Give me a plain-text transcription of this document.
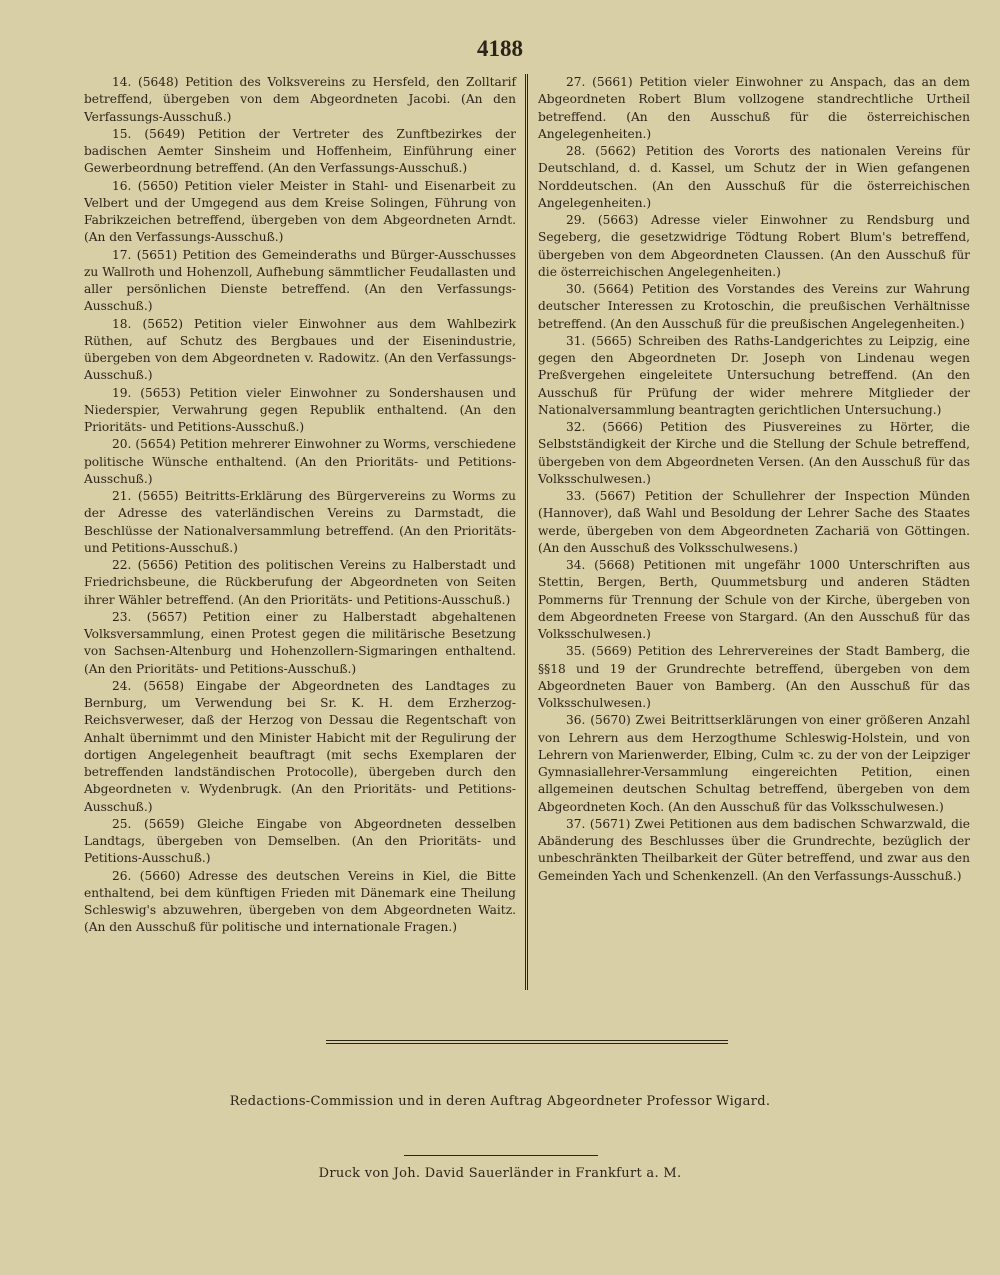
4188

14. (5648) Petition des Volksvereins zu Hersfeld, den Zolltarif betreffend, übergeben von dem Abgeordneten Jacobi. (An den Verfassungs-Ausschuß.)

15. (5649) Petition der Vertreter des Zunftbezirkes der badischen Aemter Sinsheim und Hoffenheim, Einführung einer Gewerbeordnung betreffend. (An den Verfassungs-Ausschuß.)

16. (5650) Petition vieler Meister in Stahl- und Eisenarbeit zu Velbert und der Umgegend aus dem Kreise Solingen, Führung von Fabrikzeichen betreffend, übergeben von dem Abgeordneten Arndt. (An den Verfassungs-Ausschuß.)

17. (5651) Petition des Gemeinderaths und Bürger-Ausschusses zu Wallroth und Hohenzoll, Aufhebung sämmtlicher Feudallasten und aller persönlichen Dienste betreffend. (An den Verfassungs-Ausschuß.)

18. (5652) Petition vieler Einwohner aus dem Wahlbezirk Rüthen, auf Schutz des Bergbaues und der Eisenindustrie, übergeben von dem Abgeordneten v. Radowitz. (An den Verfassungs-Ausschuß.)

19. (5653) Petition vieler Einwohner zu Sondershausen und Niederspier, Verwahrung gegen Republik enthaltend. (An den Prioritäts- und Petitions-Ausschuß.)

20. (5654) Petition mehrerer Einwohner zu Worms, verschiedene politische Wünsche enthaltend. (An den Prioritäts- und Petitions-Ausschuß.)

21. (5655) Beitritts-Erklärung des Bürgervereins zu Worms zu der Adresse des vaterländischen Vereins zu Darmstadt, die Beschlüsse der Nationalversammlung betreffend. (An den Prioritäts- und Petitions-Ausschuß.)

22. (5656) Petition des politischen Vereins zu Halberstadt und Friedrichsbeune, die Rückberufung der Abgeordneten von Seiten ihrer Wähler betreffend. (An den Prioritäts- und Petitions-Ausschuß.)

23. (5657) Petition einer zu Halberstadt abgehaltenen Volksversammlung, einen Protest gegen die militärische Besetzung von Sachsen-Altenburg und Hohenzollern-Sigmaringen enthaltend. (An den Prioritäts- und Petitions-Ausschuß.)

24. (5658) Eingabe der Abgeordneten des Landtages zu Bernburg, um Verwendung bei Sr. K. H. dem Erzherzog-Reichsverweser, daß der Herzog von Dessau die Regentschaft von Anhalt übernimmt und den Minister Habicht mit der Regulirung der dortigen Angelegenheit beauftragt (mit sechs Exemplaren der betreffenden landständischen Protocolle), übergeben durch den Abgeordneten v. Wydenbrugk. (An den Prioritäts- und Petitions-Ausschuß.)

25. (5659) Gleiche Eingabe von Abgeordneten desselben Landtags, übergeben von Demselben. (An den Prioritäts- und Petitions-Ausschuß.)

26. (5660) Adresse des deutschen Vereins in Kiel, die Bitte enthaltend, bei dem künftigen Frieden mit Dänemark eine Theilung Schleswig's abzuwehren, übergeben von dem Abgeordneten Waitz. (An den Ausschuß für politische und internationale Fragen.)

27. (5661) Petition vieler Einwohner zu Anspach, das an dem Abgeordneten Robert Blum vollzogene standrechtliche Urtheil betreffend. (An den Ausschuß für die österreichischen Angelegenheiten.)

28. (5662) Petition des Vororts des nationalen Vereins für Deutschland, d. d. Kassel, um Schutz der in Wien gefangenen Norddeutschen. (An den Ausschuß für die österreichischen Angelegenheiten.)

29. (5663) Adresse vieler Einwohner zu Rendsburg und Segeberg, die gesetzwidrige Tödtung Robert Blum's betreffend, übergeben von dem Abgeordneten Claussen. (An den Ausschuß für die österreichischen Angelegenheiten.)

30. (5664) Petition des Vorstandes des Vereins zur Wahrung deutscher Interessen zu Krotoschin, die preußischen Verhältnisse betreffend. (An den Ausschuß für die preußischen Angelegenheiten.)

31. (5665) Schreiben des Raths-Landgerichtes zu Leipzig, eine gegen den Abgeordneten Dr. Joseph von Lindenau wegen Preßvergehen eingeleitete Untersuchung betreffend. (An den Ausschuß für Prüfung der wider mehrere Mitglieder der Nationalversammlung beantragten gerichtlichen Untersuchung.)

32. (5666) Petition des Piusvereines zu Hörter, die Selbstständigkeit der Kirche und die Stellung der Schule betreffend, übergeben von dem Abgeordneten Versen. (An den Ausschuß für das Volksschulwesen.)

33. (5667) Petition der Schullehrer der Inspection Münden (Hannover), daß Wahl und Besoldung der Lehrer Sache des Staates werde, übergeben von dem Abgeordneten Zachariä von Göttingen. (An den Ausschuß des Volksschulwesens.)

34. (5668) Petitionen mit ungefähr 1000 Unterschriften aus Stettin, Bergen, Berth, Quummetsburg und anderen Städten Pommerns für Trennung der Schule von der Kirche, übergeben von dem Abgeordneten Freese von Stargard. (An den Ausschuß für das Volksschulwesen.)

35. (5669) Petition des Lehrervereines der Stadt Bamberg, die §§18 und 19 der Grundrechte betreffend, übergeben von dem Abgeordneten Bauer von Bamberg. (An den Ausschuß für das Volksschulwesen.)

36. (5670) Zwei Beitrittserklärungen von einer größeren Anzahl von Lehrern aus dem Herzogthume Schleswig-Holstein, und von Lehrern von Marienwerder, Elbing, Culm ꝛc. zu der von der Leipziger Gymnasiallehrer-Versammlung eingereichten Petition, einen allgemeinen deutschen Schultag betreffend, übergeben von dem Abgeordneten Koch. (An den Ausschuß für das Volksschulwesen.)

37. (5671) Zwei Petitionen aus dem badischen Schwarzwald, die Abänderung des Beschlusses über die Grundrechte, bezüglich der unbeschränkten Theilbarkeit der Güter betreffend, und zwar aus den Gemeinden Yach und Schenkenzell. (An den Verfassungs-Ausschuß.)

Redactions-Commission und in deren Auftrag Abgeordneter Professor Wigard.
Druck von Joh. David Sauerländer in Frankfurt a. M.
